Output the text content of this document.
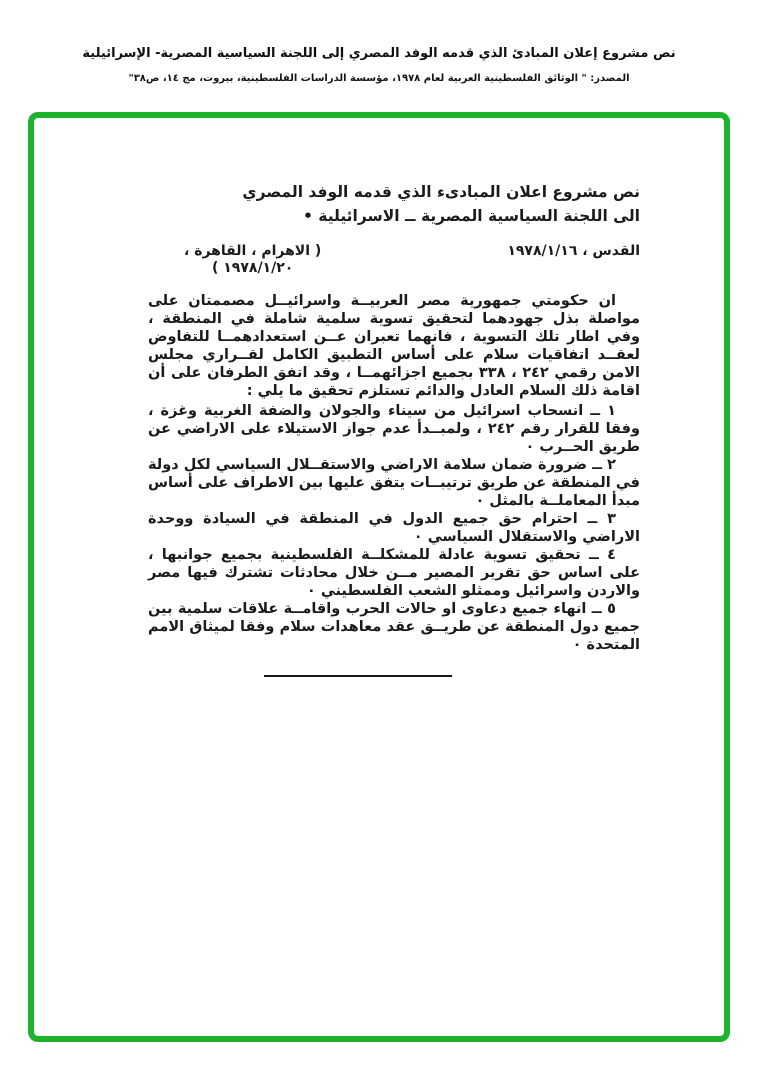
نص مشروع إعلان المبادئ الذي قدمه الوفد المصري إلى اللجنة السياسية المصرية- الإسرائيلية
المصدر: " الوثائق الفلسطينية العربية لعام ١٩٧٨، مؤسسة الدراسات الفلسطينية، بيروت، مج ١٤، ص٣٨"
نص مشروع اعلان المبادىء الذي قدمه الوفد المصري
الى اللجنة السياسية المصرية ــ الاسرائيلية •
القدس ، ١٩٧٨/١/١٦
( الاهرام ، القاهرة ،
١٩٧٨/١/٢٠ )

ان حكومتي جمهورية مصر العربيــة واسرائيــل مصممتان على مواصلة بذل جهودهما لتحقيق تسوية سلمية شاملة في المنطقة ، وفي اطار تلك التسوية ، فانهما تعبران عــن استعدادهمــا للتفاوض لعقــد اتفاقيات سلام على أساس التطبيق الكامل لقــراري مجلس الامن رقمي ٢٤٢ ، ٣٣٨ بجميع اجزائهمــا ، وقد اتفق الطرفان على أن اقامة ذلك السلام العادل والدائم تستلزم تحقيق ما يلي :

١ ــ انسحاب اسرائيل من سيناء والجولان والضفة الغربية وغزة ، وفقا للقرار رقم ٢٤٢ ، ولمبــدأ عدم جواز الاستيلاء على الاراضي عن طريق الحــرب ٠

٢ ــ ضرورة ضمان سلامة الاراضي والاستقــلال السياسي لكل دولة في المنطقة عن طريق ترتيبــات يتفق عليها بين الاطراف على أساس مبدأ المعاملــة بالمثل ٠

٣ ــ احترام حق جميع الدول في المنطقة في السيادة ووحدة الاراضي والاستقلال السياسي ٠

٤ ــ تحقيق تسوية عادلة للمشكلــة الفلسطينية بجميع جوانبها ، على اساس حق تقرير المصير مــن خلال محادثات تشترك فيها مصر والاردن واسرائيل وممثلو الشعب الفلسطيني ٠

٥ ــ انهاء جميع دعاوى او حالات الحرب واقامــة علاقات سلمية بين جميع دول المنطقة عن طريــق عقد معاهدات سلام وفقا لميثاق الامم المتحدة ٠
